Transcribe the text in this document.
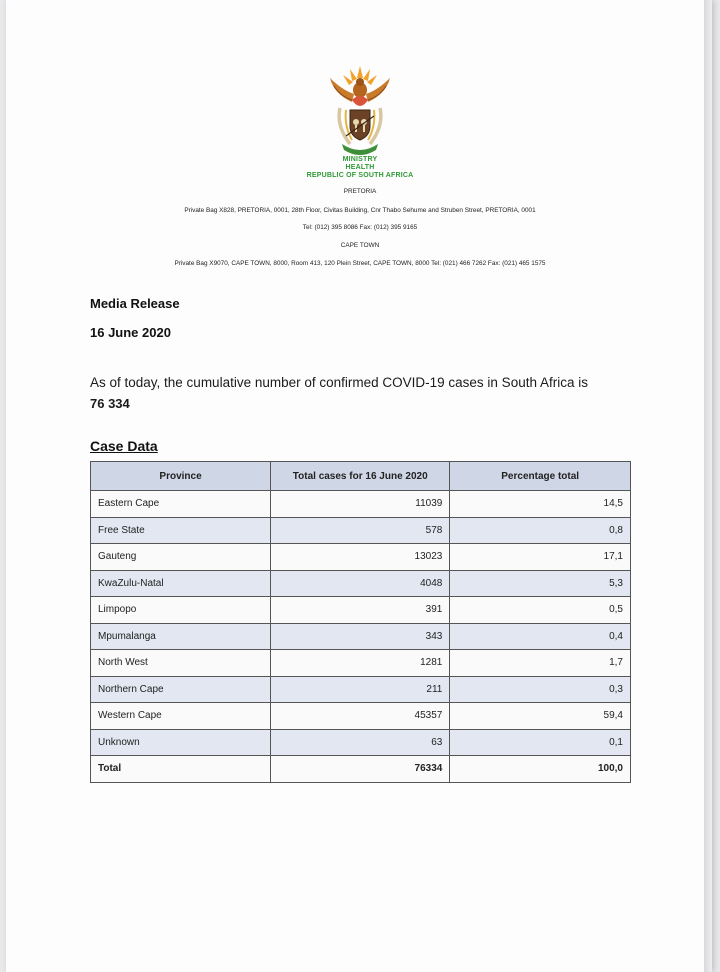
MINISTRY
HEALTH
REPUBLIC OF SOUTH AFRICA
PRETORIA
Private Bag X828, PRETORIA, 0001, 28th Floor, Civitas Building, Cnr Thabo Sehume and Struben Street, PRETORIA, 0001
Tel: (012) 395 8086 Fax: (012) 395 9165
CAPE TOWN
Private Bag X9070, CAPE TOWN, 8000, Room 413, 120 Plein Street, CAPE TOWN, 8000 Tel: (021) 466 7262 Fax: (021) 465 1575
Media Release
16 June 2020
As of today, the cumulative number of confirmed COVID-19 cases in South Africa is
76 334
Case Data
Province	Total cases for 16 June 2020	Percentage total
Eastern Cape	11039	14,5
Free State	578	0,8
Gauteng	13023	17,1
KwaZulu-Natal	4048	5,3
Limpopo	391	0,5
Mpumalanga	343	0,4
North West	1281	1,7
Northern Cape	211	0,3
Western Cape	45357	59,4
Unknown	63	0,1
Total	76334	100,0
